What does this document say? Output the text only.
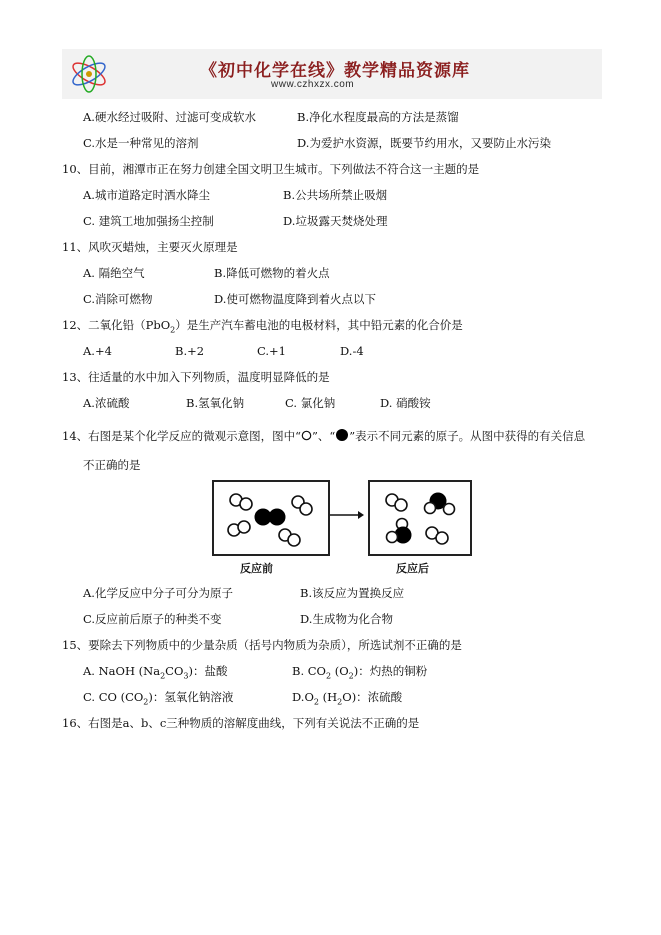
《初中化学在线》教学精品资源库
www.czhxzx.com
A.硬水经过吸附、过滤可变成软水	B.净化水程度最高的方法是蒸馏
C.水是一种常见的溶剂	D.为爱护水资源，既要节约用水，又要防止水污染
10、目前，湘潭市正在努力创建全国文明卫生城市。下列做法不符合这一主题的是
A.城市道路定时洒水降尘	B.公共场所禁止吸烟
C. 建筑工地加强扬尘控制	D.垃圾露天焚烧处理
11、风吹灭蜡烛，主要灭火原理是
A. 隔绝空气	B.降低可燃物的着火点
C.消除可燃物	D.使可燃物温度降到着火点以下
12、二氧化铅（PbO$_2$）是生产汽车蓄电池的电极材料，其中铅元素的化合价是
A.+4	B.+2	C.+1	D.-4
13、往适量的水中加入下列物质，温度明显降低的是
A.浓硫酸	B.氢氧化钠	C. 氯化钠	D. 硝酸铵
14、右图是某个化学反应的微观示意图，图中“ ”、“ ”表示不同元素的原子。从图中获得的有关信息
不正确的是
反应前	反应后
A.化学反应中分子可分为原子	B.该反应为置换反应
C.反应前后原子的种类不变	D.生成物为化合物
15、要除去下列物质中的少量杂质（括号内物质为杂质），所选试剂不正确的是
A. NaOH $(Na_2CO_3)$：盐酸	B. $CO_2$ $(O_2)$：灼热的铜粉
C. CO $(CO_2)$：氢氧化钠溶液	$D.O_2$ $(H_2O)$：浓硫酸
16、右图是a、b、c三种物质的溶解度曲线，下列有关说法不正确的是
